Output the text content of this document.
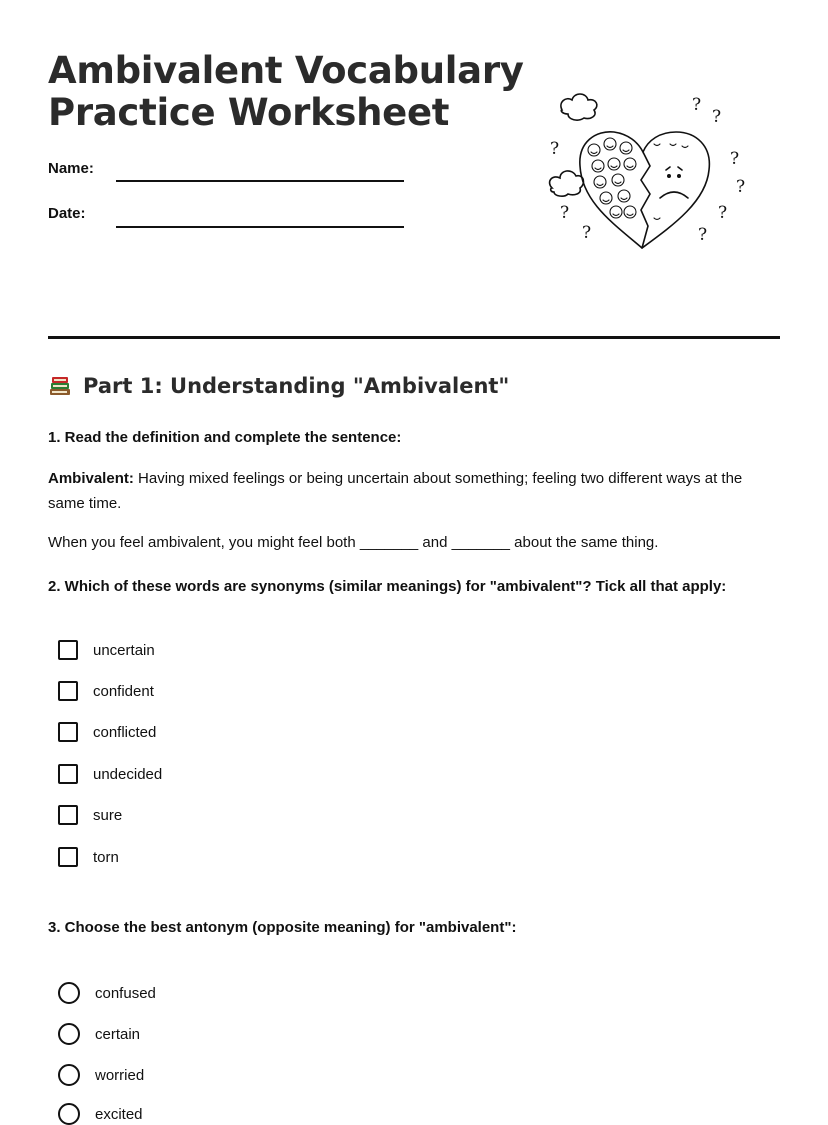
Ambivalent Vocabulary
Practice Worksheet
Name:
Date:
?
?
?	?
?
?	?
?	?
Part 1: Understanding "Ambivalent"

1. Read the definition and complete the sentence:

Ambivalent: Having mixed feelings or being uncertain about something; feeling two different ways at the same time.

When you feel ambivalent, you might feel both _______ and _______ about the same thing.

2. Which of these words are synonyms (similar meanings) for "ambivalent"? Tick all that apply:

uncertain
confident
conflicted
undecided
sure
torn

3. Choose the best antonym (opposite meaning) for "ambivalent":

confused
certain
worried
excited
